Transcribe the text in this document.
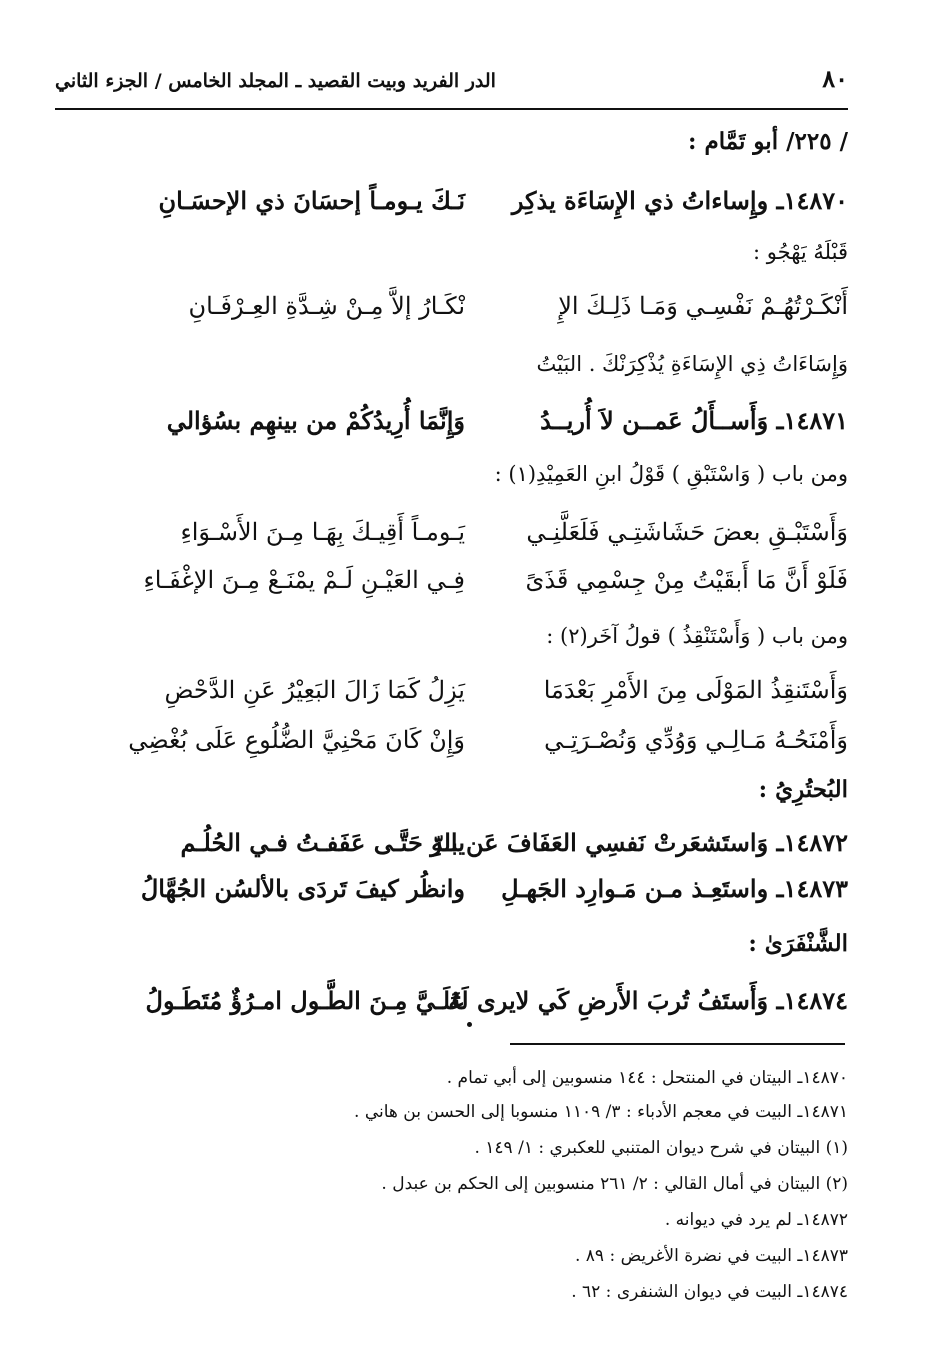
٨٠
الدر الفريد وبيت القصيد ـ المجلد الخامس / الجزء الثاني
/ ٢٢٥/ أبو تَمَّام :
١٤٨٧٠ـ وإِساءاتُ ذي الإِسَاءَة يذكِر
نَـكَ يـومـاً إحسَانَ ذي الإحسَـانِ
قَبْلَهُ يَهْجُو :
أَنْكَـرْتُهُـمْ نَفْسِـي وَمَـا ذَلِـكَ الإِ
نْكَـارُ إلاَّ مِـنْ شِـدَّةِ العِـرْفَـانِ
وَإِسَاءَاتُ ذِي الإِسَاءَةِ يُذْكِرَنْكَ . البَيْتُ
١٤٨٧١ـ وَأَســأَلُ عَمــن لاَ أُريــدُ
وَإِنَّمَا أُرِيدُكُمْ من بينهِم بسُؤالي
ومن باب ( وَاسْتَبْقِ ) قَوْلُ ابنِ العَمِيْدِ(١) :
وَأَسْتَبْـقِ بعضَ حَشَاشَتِـي فَلَعَلَّنِـي
يَـومـاً أَقِيـكَ بِهَـا مِـنَ الأَسْـوَاءِ
فَلَوْ أَنَّ مَا أَبقَيْتُ مِنْ جِسْمِي قَذَىً
فِـي العَيْـنِ لَـمْ يمْنَـعْ مِـنَ الإغْفَـاءِ
ومن باب ( وَأَسْتَنْقِذُ ) قولُ آخَر(٢) :
وَأَسْتَنقِذُ المَوْلَى مِنَ الأَمْرِ بَعْدَمَا
يَزِلُ كَمَا زَالَ البَعِيْرُ عَنِ الدَّحْضِ
وَأَمْنَحُـهُ مَـالِـي وَوُدِّي وَنُصْـرَتِـي
وَإِنْ كَانَ مَحْنِيَّ الضُّلُوعِ عَلَى بُغْضِي
البُحتُرِيُ :
١٤٨٧٢ـ وَاستَشعَرتْ نَفسِي العَفَافَ عَن الرّ
يبـةِ حَتَّـى عَفَفـتُ فـي الحُلُـم
١٤٨٧٣ـ واستَعِـذ مـن مَـوارِد الجَهـلِ
وانظُر كيفَ تَردَى بالألسُن الجُهَّالُ
الشَّنْفَرَىٰ :
١٤٨٧٤ـ وَأَستَفُ تُربَ الأَرضِ كَي لايرى لَهُ
عَلَـيَّ مِـنَ الطَّـول امـرُؤٌ مُتَطَـولُ
١٤٨٧٠ـ البيتان في المنتحل : ١٤٤ منسوبين إلى أبي تمام .
١٤٨٧١ـ البيت في معجم الأدباء : ٣/ ١١٠٩ منسوبا إلى الحسن بن هاني .
(١) البيتان في شرح ديوان المتنبي للعكبري : ١/ ١٤٩ .
(٢) البيتان في أمال القالي : ٢/ ٢٦١ منسوبين إلى الحكم بن عبدل .
١٤٨٧٢ـ لم يرد في ديوانه .
١٤٨٧٣ـ البيت في نضرة الأغريض : ٨٩ .
١٤٨٧٤ـ البيت في ديوان الشنفرى : ٦٢ .
